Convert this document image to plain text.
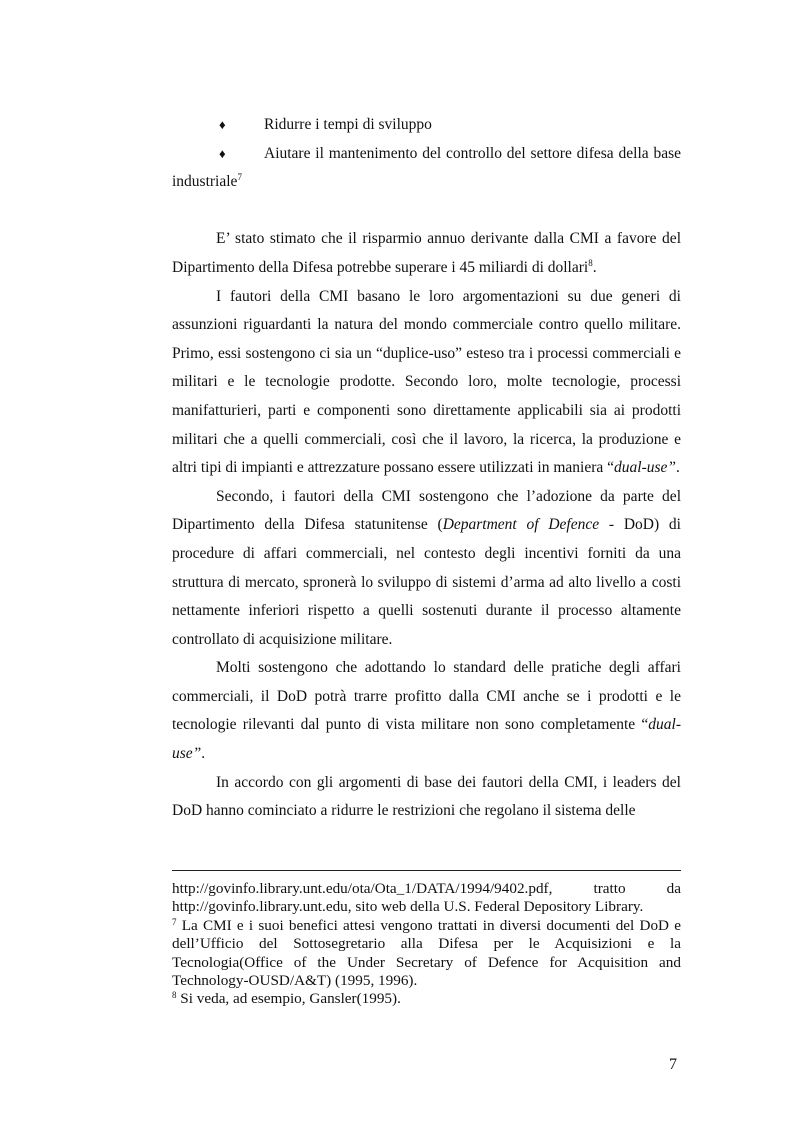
♦ Ridurre i tempi di sviluppo

♦ Aiutare il mantenimento del controllo del settore difesa della base industriale$^7$

E’ stato stimato che il risparmio annuo derivante dalla CMI a favore del Dipartimento della Difesa potrebbe superare i 45 miliardi di dollari$^8$.

I fautori della CMI basano le loro argomentazioni su due generi di assunzioni riguardanti la natura del mondo commerciale contro quello militare. Primo, essi sostengono ci sia un “duplice-uso” esteso tra i processi commerciali e militari e le tecnologie prodotte. Secondo loro, molte tecnologie, processi manifatturieri, parti e componenti sono direttamente applicabili sia ai prodotti militari che a quelli commerciali, così che il lavoro, la ricerca, la produzione e altri tipi di impianti e attrezzature possano essere utilizzati in maniera “dual-use”.

Secondo, i fautori della CMI sostengono che l’adozione da parte del Dipartimento della Difesa statunitense (Department of Defence - DoD) di procedure di affari commerciali, nel contesto degli incentivi forniti da una struttura di mercato, spronerà lo sviluppo di sistemi d’arma ad alto livello a costi nettamente inferiori rispetto a quelli sostenuti durante il processo altamente controllato di acquisizione militare.

Molti sostengono che adottando lo standard delle pratiche degli affari commerciali, il DoD potrà trarre profitto dalla CMI anche se i prodotti e le tecnologie rilevanti dal punto di vista militare non sono completamente “dual-use”.

In accordo con gli argomenti di base dei fautori della CMI, i leaders del DoD hanno cominciato a ridurre le restrizioni che regolano il sistema delle

http://govinfo.library.unt.edu/ota/Ota_1/DATA/1994/9402.pdf,	tratto	da

http://govinfo.library.unt.edu, sito web della U.S. Federal Depository Library.

$^7$ La CMI e i suoi benefici attesi vengono trattati in diversi documenti del DoD e dell’Ufficio del Sottosegretario alla Difesa per le Acquisizioni e la Tecnologia(Office of the Under Secretary of Defence for Acquisition and Technology-OUSD/A&T) (1995, 1996).

$^8$ Si veda, ad esempio, Gansler(1995).

7
